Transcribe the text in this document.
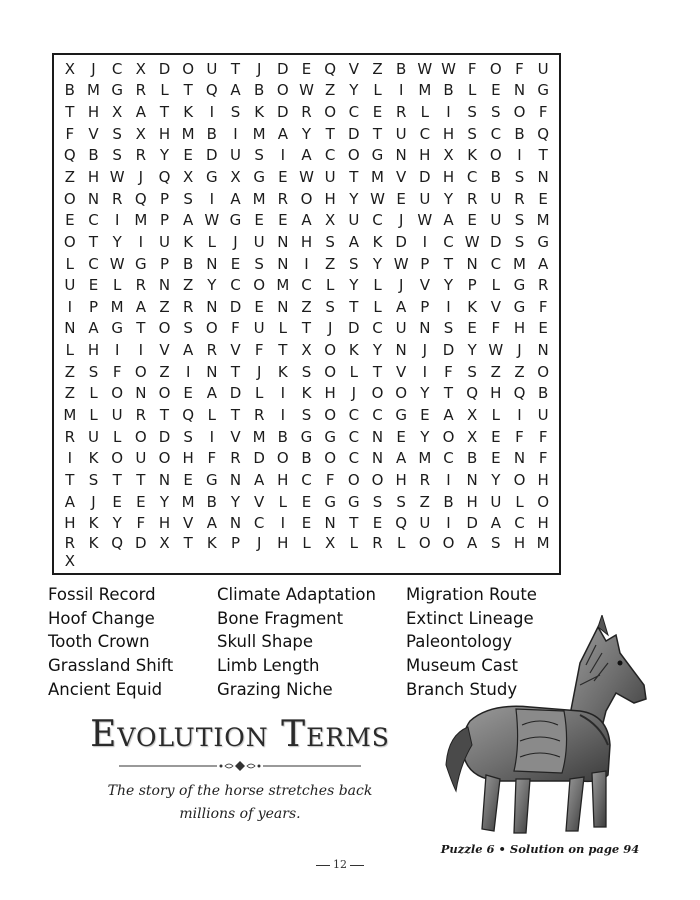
X	J	C X D O U T	J	D E Q V Z B W W F O F U
B M G R L T Q A B O W Z Y L	I M B L E N G
T H X A T K	I	S K D R O C E R L	I	S S O F
F V S X H M B	I M A Y T D T U C H S C B Q
Q B S R Y E D U S	I	A C O G N H X K O	I	T
Z H W J	Q X G X G E W U T M V D H C B S N
O N R Q P S	I	A M R O H Y W E U Y R U R E
E C	I M P A W G E E A X U C	J W A E U S M
O T Y	I	U K L	J	U N H S A K D	I	C W D S G
L C W G P B N E S N	I	Z S Y W P T N C M A
U E L R N Z Y C O M C L Y L	J	V Y P L G R
I	P M A Z R N D E N Z S T L A P	I	K V G F
N A G T O S O F U L T	J	D C U N S E F H E
L H	I	I	V A R V F T X O K Y N	J	D Y W J	N
Z S F O Z	I	N T	J	K S O L T V	I	F S Z Z O
Z L O N O E A D L	I	K H	J	O O Y T Q H Q B
M L U R T Q L T R	I	S O C C G E A X L	I	U
R U L O D S	I	V M B G G C N E Y O X E F	F
I	K O U O H F R D O B O C N A M C B E N F
T S T T N E G N A H C F O O H R	I	N Y O H
A	J	E E Y M B Y V L E G G S S Z B H U L O
H K Y F H V A N C	I	E N T E Q U	I	D A C H
R K Q D X T K P	J	H L X L R L O O A S H M
X
Fossil Record
Hoof Change
Tooth Crown
Grassland Shift
Ancient Equid
Climate Adaptation
Bone Fragment
Skull Shape
Limb Length
Grazing Niche
Migration Route
Extinct Lineage
Paleontology
Museum Cast
Branch Study
Evolution Terms
The story of the horse stretches back
millions of years.
Puzzle 6 • Solution on page 94
12
